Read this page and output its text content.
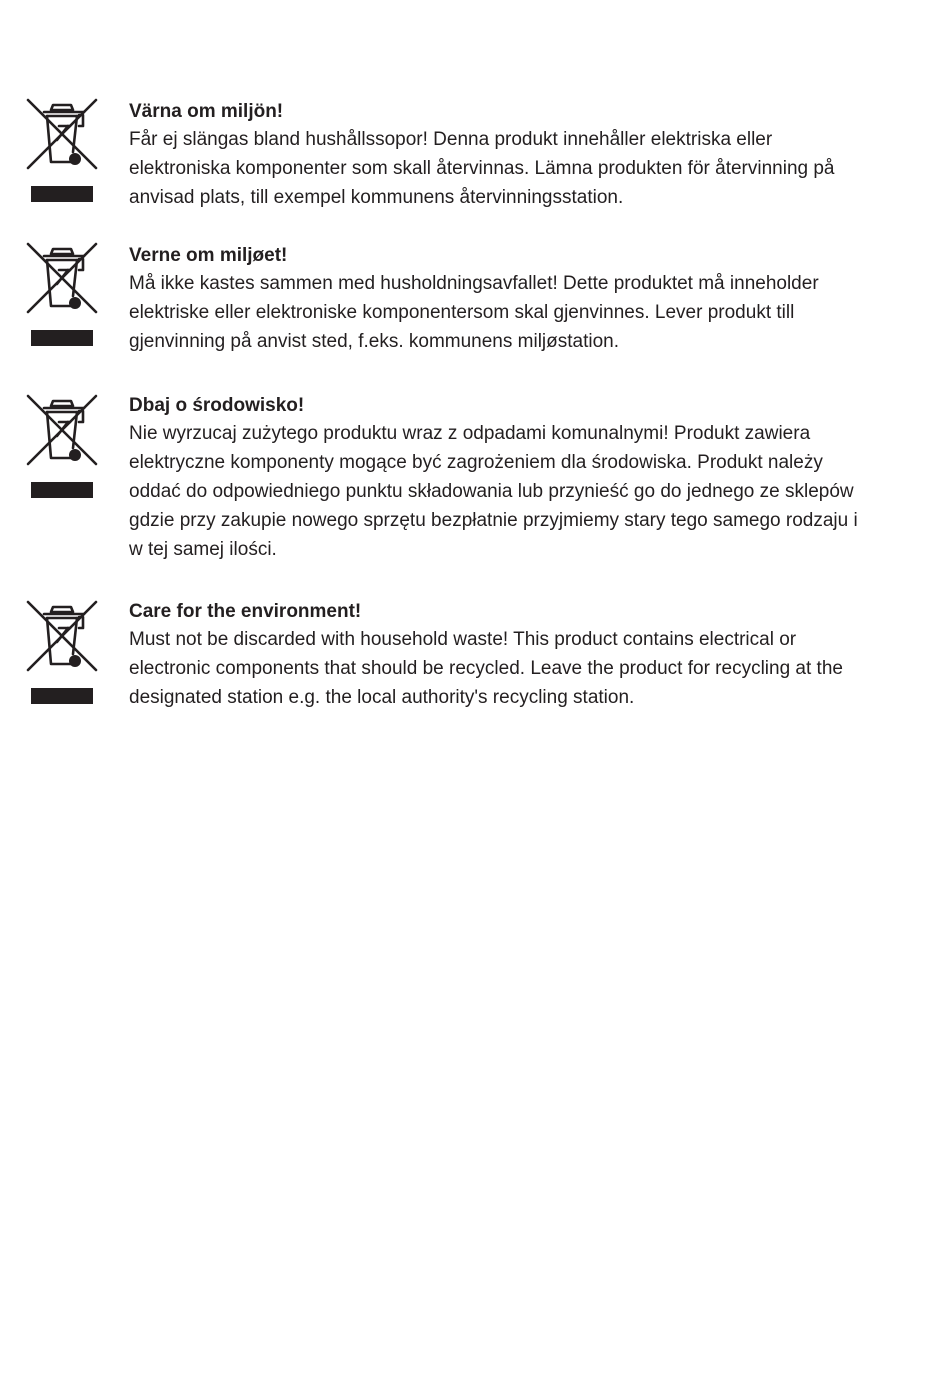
Värna om miljön!
Får ej slängas bland hushållssopor! Denna produkt innehåller elektriska eller elektroniska komponenter som skall återvinnas. Lämna produkten för återvinning på anvisad plats, till exempel kommunens återvinningsstation.
Verne om miljøet!
Må ikke kastes sammen med husholdningsavfallet! Dette produktet må inneholder elektriske eller elektroniske komponentersom skal gjenvinnes. Lever produkt till gjenvinning på anvist sted, f.eks. kommunens miljøstation.
Dbaj o środowisko!
Nie wyrzucaj zużytego produktu wraz z odpadami komunalnymi! Produkt zawiera elektryczne komponenty mogące być zagrożeniem dla środowiska. Produkt należy oddać do odpowiedniego punktu składowania lub przynieść go do jednego ze sklepów gdzie przy zakupie nowego sprzętu bezpłatnie przyjmiemy stary tego samego rodzaju i w tej samej ilości.
Care for the environment!
Must not be discarded with household waste! This product contains electrical or electronic components that should be recycled. Leave the product for recycling at the designated station e.g. the local authority's recycling station.
